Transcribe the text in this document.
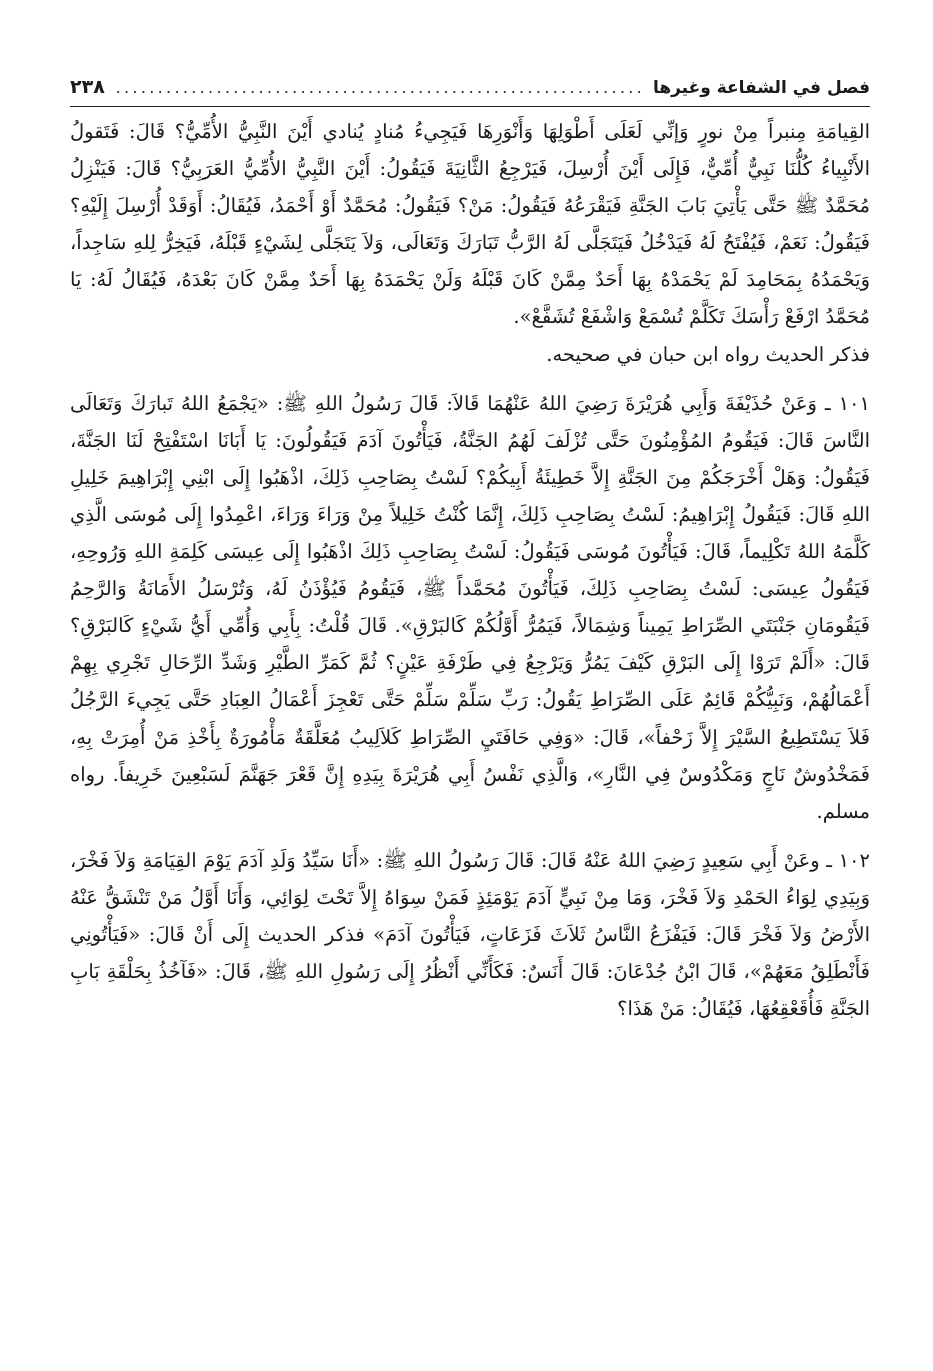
فصل في الشفاعة وغيرها
.....
٢٣٨

القِيامَةِ مِنبراً مِنْ نورٍ وَإنِّي لَعَلَى أَطْوَلِهَا وَأَنْوَرِهَا فَيَجِيءُ مُنادٍ يُنادي أَيْنَ النَّبِيُّ الأُمِّيُّ؟ قَالَ: فَتَقولُ الأَنْبِياءُ كُلُّنَا نَبِيٌّ أُمِّيٌّ، فَإِلَى أَيْنَ أُرْسِلَ، فَيَرْجِعُ الثَّانِيَةَ فَيَقُولُ: أَيْنَ النَّبِيُّ الأُمِّيُّ العَرَبِيُّ؟ قَالَ: فَيَنْزِلُ مُحَمَّدٌ ﷺ حَتَّى يَأْتِيَ بَابَ الجَنَّةِ فَيَقْرَعُهُ فَيَقُولُ: مَنْ؟ فَيَقُولُ: مُحَمَّدٌ أَوْ أَحْمَدُ، فَيُقَالُ: أَوَقَدْ أُرْسِلَ إِلَيْهِ؟ فَيَقُولُ: نَعَمْ، فَيُفْتَحُ لَهُ فَيَدْخُلُ فَيَتَجَلَّى لَهُ الرَّبُّ تَبَارَكَ وَتَعَالَى، وَلاَ يَتَجَلَّى لِشَيْءٍ قَبْلَهُ، فَيَخِرُّ لِلهِ سَاجِداً، وَيَحْمَدُهُ بِمَحَامِدَ لَمْ يَحْمَدْهُ بِهَا أَحَدٌ مِمَّنْ كَانَ قَبْلَهُ وَلَنْ يَحْمَدَهُ بِهَا أَحَدٌ مِمَّنْ كَانَ بَعْدَهُ، فَيُقَالُ لَهُ: يَا مُحَمَّدُ ارْفَعْ رَأْسَكَ تَكَلَّمْ تُسْمَعْ وَاشْفَعْ تُشَفَّعْ».

فذكر الحديث رواه ابن حبان في صحيحه.

١٠١ ـ وَعَنْ حُذَيْفَةَ وَأَبِي هُرَيْرَةَ رَضِيَ اللهُ عَنْهُمَا قَالاَ: قَالَ رَسُولُ اللهِ ﷺ: «يَجْمَعُ اللهُ تَبارَكَ وَتَعَالَى النَّاسَ قَالَ: فَيَقُومُ المُؤْمِنُونَ حَتَّى تُزْلَفَ لَهُمُ الجَنَّةُ، فَيَأْتُونَ آدَمَ فَيَقُولُونَ: يَا أَبَانَا اسْتَفْتِحْ لَنَا الجَنَّةَ، فَيَقُولُ: وَهَلْ أَخْرَجَكُمْ مِنَ الجَنَّةِ إِلاَّ خَطِيئَةُ أَبِيكُمْ؟ لَسْتُ بِصَاحِبِ ذَلِكَ، اذْهَبُوا إِلَى ابْنِي إِبْرَاهِيمَ خَلِيلِ اللهِ قَالَ: فَيَقُولُ إِبْرَاهِيمُ: لَسْتُ بِصَاحِبِ ذَلِكَ، إِنَّمَا كُنْتُ خَلِيلاً مِنْ وَرَاءَ وَرَاءَ، اعْمِدُوا إِلَى مُوسَى الَّذِي كَلَّمَهُ اللهُ تَكْلِيماً، قَالَ: فَيَأْتُونَ مُوسَى فَيَقُولُ: لَسْتُ بِصَاحِبِ ذَلِكَ اذْهَبُوا إِلَى عِيسَى كَلِمَةِ اللهِ وَرُوحِهِ، فَيَقُولُ عِيسَى: لَسْتُ بِصَاحِبِ ذَلِكَ، فَيَأْتُونَ مُحَمَّداً ﷺ، فَيَقُومُ فَيُؤْذَنُ لَهُ، وَتُرْسَلُ الأَمَانَةُ وَالرَّحِمُ فَيَقُومَانِ جَنْبَتَي الصِّرَاطِ يَمِيناً وَشِمَالاً، فَيَمُرُّ أَوَّلُكُمْ كَالبَرْقِ». قَالَ قُلْتُ: بِأَبِي وَأُمِّي أَيُّ شَيْءٍ كَالبَرْقِ؟ قَالَ: «أَلَمْ تَرَوْا إِلَى البَرْقِ كَيْفَ يَمُرُّ وَيَرْجِعُ فِي طَرْفَةِ عَيْنٍ؟ ثُمَّ كَمَرِّ الطَّيْرِ وَشَدِّ الرِّحَالِ تَجْرِي بِهِمْ أَعْمَالُهُمْ، وَنَبِيُّكُمْ قَائِمٌ عَلَى الصِّرَاطِ يَقُولُ: رَبِّ سَلِّمْ سَلِّمْ حَتَّى تَعْجِزَ أَعْمَالُ العِبَادِ حَتَّى يَجِيءَ الرَّجُلُ فَلاَ يَسْتَطِيعُ السَّيْرَ إِلاَّ زَحْفاً»، قَالَ: «وَفِي حَافَتَيِ الصِّرَاطِ كَلاَلِيبُ مُعَلَّقَةٌ مَأْمُورَةٌ بِأَخْذِ مَنْ أُمِرَتْ بِهِ، فَمَخْدُوشٌ نَاجٍ وَمَكْدُوسٌ فِي النَّارِ»، وَالَّذِي نَفْسُ أَبِي هُرَيْرَةَ بِيَدِهِ إِنَّ قَعْرَ جَهَنَّمَ لَسَبْعِينَ خَرِيفاً. رواه مسلم.

١٠٢ ـ وعَنْ أَبِي سَعِيدٍ رَضِيَ اللهُ عَنْهُ قَالَ: قَالَ رَسُولُ اللهِ ﷺ: «أَنَا سَيِّدُ وَلَدِ آدَمَ يَوْمَ القِيَامَةِ وَلاَ فَخْرَ، وَبِيَدِي لِوَاءُ الحَمْدِ وَلاَ فَخْرَ، وَمَا مِنْ نَبِيٍّ آدَمَ يَوْمَئِذٍ فَمَنْ سِوَاهُ إِلاَّ تَحْتَ لِوَائِي، وَأَنَا أَوَّلُ مَنْ تَنْشَقُّ عَنْهُ الأَرْضُ وَلاَ فَخْرَ قَالَ: فَيَفْزَعُ النَّاسُ ثَلاَثَ فَزَعَاتٍ، فَيَأْتُونَ آدَمَ» فذكر الحديث إِلَى أَنْ قَالَ: «فَيَأْتُونِي فَأَنْطَلِقُ مَعَهُمْ»، قَالَ ابْنُ جُدْعَانَ: قَالَ أَنَسٌ: فَكَأَنِّي أَنْظُرُ إِلَى رَسُولِ اللهِ ﷺ، قَالَ: «فَآخُذُ بِحَلْقَةِ بَابِ الجَنَّةِ فَأُقَعْقِعُهَا، فَيُقَالُ: مَنْ هَذَا؟
